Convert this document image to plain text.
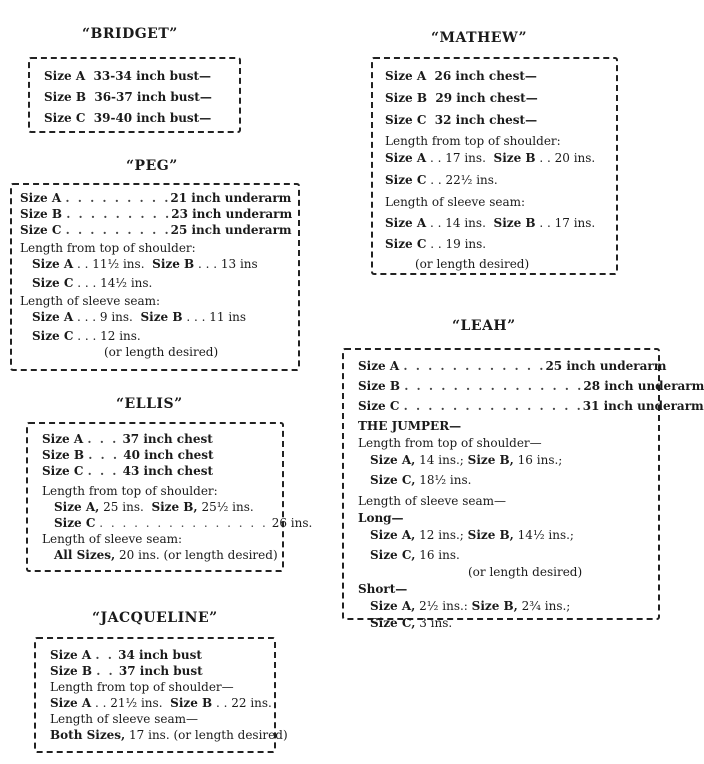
“BRIDGET”
Size A 33-34 inch bust—
Size B 36-37 inch bust—
Size C 39-40 inch bust—
“PEG”
Size A . . . . . . . . . 21 inch underarm
Size B . . . . . . . . . 23 inch underarm
Size C . . . . . . . . . 25 inch underarm
Length from top of shoulder:
Size A . . 11½ ins. Size B . . . 13 ins
Size C . . . 14½ ins.
Length of sleeve seam:
Size A . . . 9 ins. Size B . . . 11 ins
Size C . . . 12 ins.
(or length desired)
“ELLIS”
Size A . . . 37 inch chest
Size B . . . 40 inch chest
Size C . . . 43 inch chest
Length from top of shoulder:
Size A, 25 ins. Size B, 25½ ins.
Size C . . . . . . . . . . . . . . . 26 ins.
Length of sleeve seam:
All Sizes, 20 ins. (or length desired)
“JACQUELINE”
Size A . . 34 inch bust
Size B . . 37 inch bust
Length from top of shoulder—
Size A . . 21½ ins. Size B . . 22 ins.
Length of sleeve seam—
Both Sizes, 17 ins. (or length desired)
“MATHEW”
Size A 26 inch chest—
Size B 29 inch chest—
Size C 32 inch chest—
Length from top of shoulder:
Size A . . 17 ins. Size B . . 20 ins.
Size C . . 22½ ins.
Length of sleeve seam:
Size A . . 14 ins. Size B . . 17 ins.
Size C . . 19 ins.
(or length desired)
“LEAH”
Size A . . . . . . . . . . . . 25 inch underarm
Size B . . . . . . . . . . . . . . . 28 inch underarm
Size C . . . . . . . . . . . . . . . 31 inch underarm
THE JUMPER—
Length from top of shoulder—
Size A, 14 ins.; Size B, 16 ins.;
Size C, 18½ ins.
Length of sleeve seam—
Long—
Size A, 12 ins.; Size B, 14½ ins.;
Size C, 16 ins.
(or length desired)
Short—
Size A, 2½ ins.: Size B, 2¾ ins.;
Size C, 3 ins.
